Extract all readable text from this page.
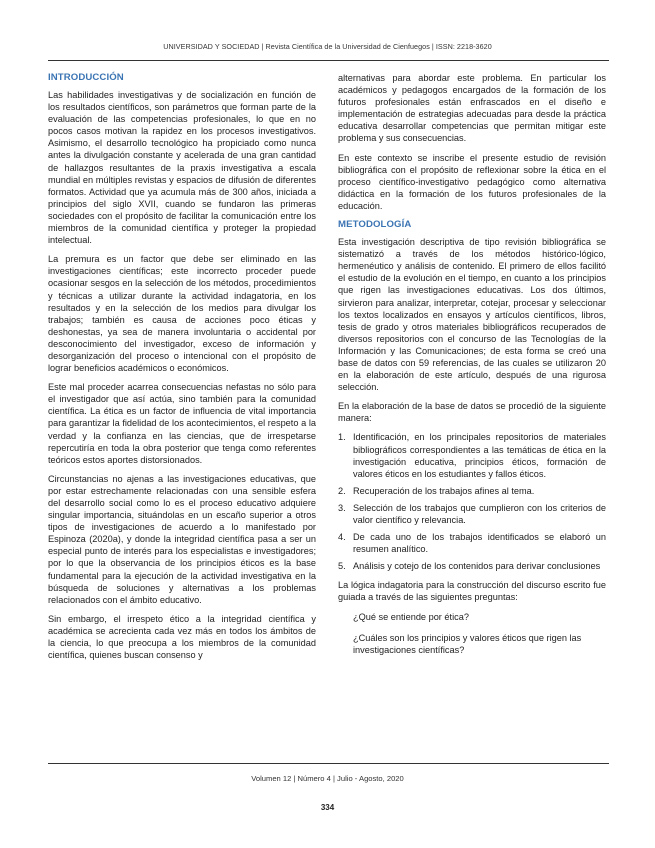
UNIVERSIDAD Y SOCIEDAD | Revista Científica de la Universidad de Cienfuegos | ISSN: 2218-3620
INTRODUCCIÓN

Las habilidades investigativas y de socialización en función de los resultados científicos, son parámetros que forman parte de la evaluación de las competencias profesionales, lo que en no pocos casos motivan la rapidez en los procesos investigativos. Asimismo, el desarrollo tecnológico ha propiciado como nunca antes la divulgación constante y acelerada de una gran cantidad de hallazgos resultantes de la praxis investigativa a escala mundial en múltiples revistas y espacios de difusión de diferentes formatos. Actividad que ya acumula más de 300 años, iniciada a principios del siglo XVII, cuando se fundaron las primeras sociedades con el propósito de facilitar la comunicación entre los miembros de la comunidad científica y proteger la propiedad intelectual.

La premura es un factor que debe ser eliminado en las investigaciones científicas; este incorrecto proceder puede ocasionar sesgos en la selección de los métodos, procedimientos y técnicas a utilizar durante la actividad indagatoria, en los resultados y en la selección de los medios para divulgar los trabajos; también es causa de acciones poco éticas y deshonestas, ya sea de manera involuntaria o accidental por desconocimiento del investigador, exceso de información y desorganización del proceso o intencional con el propósito de lograr beneficios académicos o económicos.

Este mal proceder acarrea consecuencias nefastas no sólo para el investigador que así actúa, sino también para la comunidad científica. La ética es un factor de influencia de vital importancia para garantizar la fidelidad de los acontecimientos, el respeto a la verdad y la confianza en las ciencias, que de irrespetarse repercutiría en toda la obra posterior que tenga como referentes teóricos estos aportes distorsionados.

Circunstancias no ajenas a las investigaciones educativas, que por estar estrechamente relacionadas con una sensible esfera del desarrollo social como lo es el proceso educativo adquiere singular importancia, situándolas en un escaño superior a otros tipos de investigaciones de acuerdo a lo manifestado por Espinoza (2020a), y donde la integridad científica pasa a ser un especial punto de interés para los especialistas e investigadores; por lo que la observancia de los principios éticos es la base fundamental para la ejecución de la actividad investigativa en la búsqueda de soluciones y alternativas a los problemas relacionados con el ámbito educativo.

Sin embargo, el irrespeto ético a la integridad científica y académica se acrecienta cada vez más en todos los ámbitos de la ciencia, lo que preocupa a los miembros de la comunidad científica, quienes buscan consenso y

alternativas para abordar este problema. En particular los académicos y pedagogos encargados de la formación de los futuros profesionales están enfrascados en el diseño e implementación de estrategias adecuadas para desde la práctica educativa desarrollar competencias que permitan mitigar este problema y sus consecuencias.

En este contexto se inscribe el presente estudio de revisión bibliográfica con el propósito de reflexionar sobre la ética en el proceso científico-investigativo pedagógico como alternativa didáctica en la formación de los futuros profesionales de la educación.

METODOLOGÍA

Esta investigación descriptiva de tipo revisión bibliográfica se sistematizó a través de los métodos histórico-lógico, hermenéutico y análisis de contenido. El primero de ellos facilitó el estudio de la evolución en el tiempo, en cuanto a los principios que rigen las investigaciones educativas. Los dos últimos, sirvieron para analizar, interpretar, cotejar, procesar y seleccionar los textos localizados en ensayos y artículos científicos, libros, tesis de grado y otros materiales bibliográficos recuperados de diversos repositorios con el concurso de las Tecnologías de la Información y las Comunicaciones; de esta forma se creó una base de datos con 59 referencias, de las cuales se utilizaron 20 en la elaboración de este artículo, después de una rigurosa selección.

En la elaboración de la base de datos se procedió de la siguiente manera:

1. Identificación, en los principales repositorios de materiales bibliográficos correspondientes a las temáticas de ética en la investigación educativa, principios éticos, formación de valores éticos en los estudiantes y fallos éticos.
2. Recuperación de los trabajos afines al tema.
3. Selección de los trabajos que cumplieron con los criterios de valor científico y relevancia.
4. De cada uno de los trabajos identificados se elaboró un resumen analítico.
5. Análisis y cotejo de los contenidos para derivar conclusiones

La lógica indagatoria para la construcción del discurso escrito fue guiada a través de las siguientes preguntas:

¿Qué se entiende por ética?

¿Cuáles son los principios y valores éticos que rigen las investigaciones científicas?

Volumen 12 | Número 4 | Julio - Agosto, 2020
334
